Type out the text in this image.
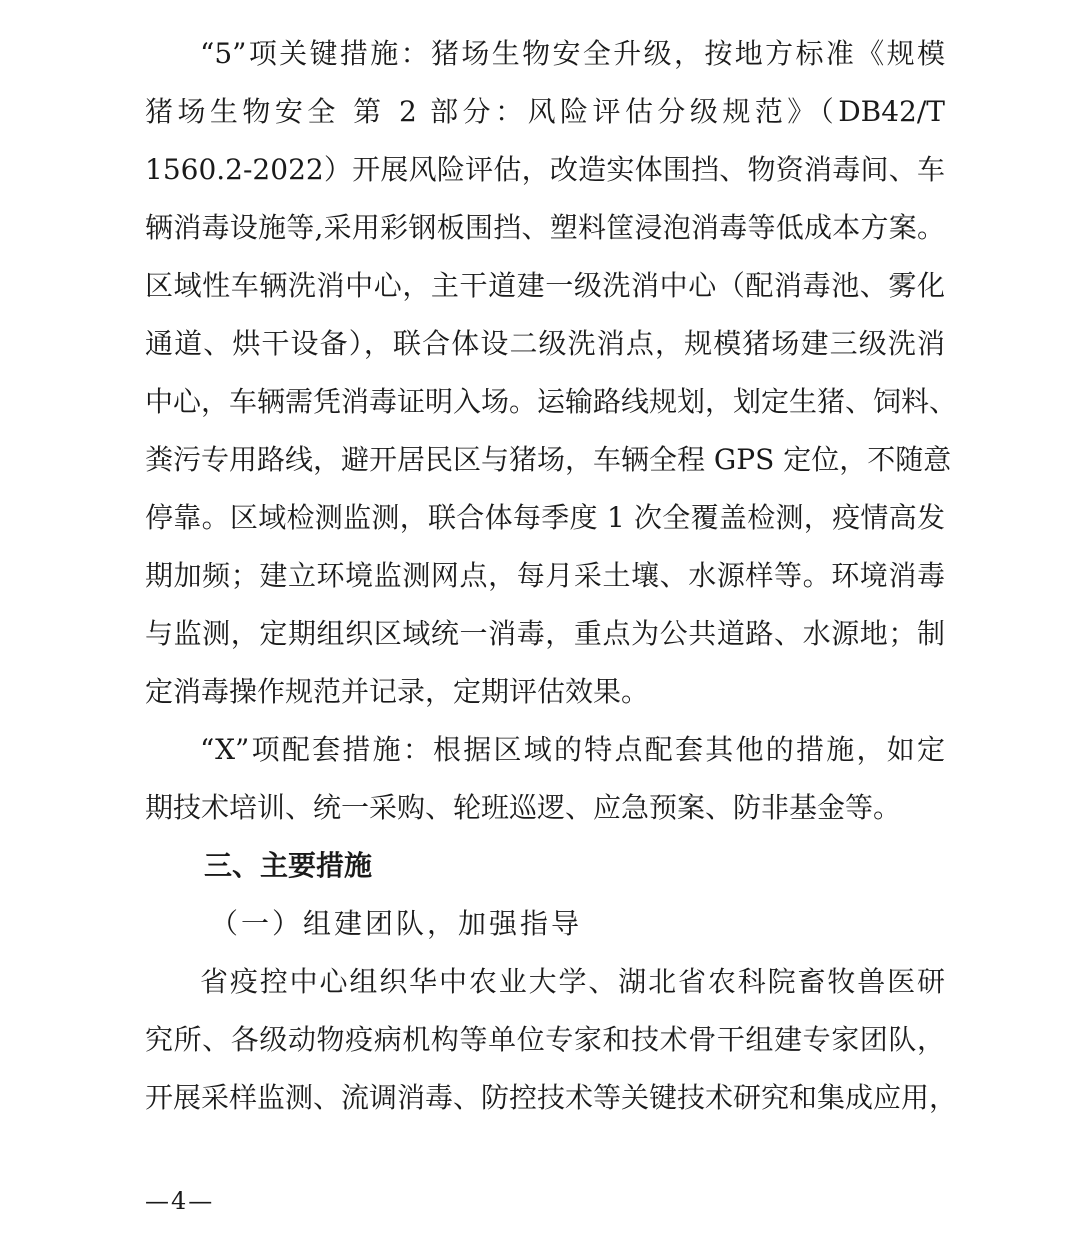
“5”项关键措施：猪场生物安全升级，按地方标准《规模
猪场生物安全 第 2 部分：风险评估分级规范》（DB42/T
1560.2-2022）开展风险评估，改造实体围挡、物资消毒间、车
辆消毒设施等,采用彩钢板围挡、塑料筐浸泡消毒等低成本方案。
区域性车辆洗消中心，主干道建一级洗消中心（配消毒池、雾化
通道、烘干设备），联合体设二级洗消点，规模猪场建三级洗消
中心，车辆需凭消毒证明入场。运输路线规划，划定生猪、饲料、
粪污专用路线，避开居民区与猪场，车辆全程 GPS 定位，不随意
停靠。区域检测监测，联合体每季度 1 次全覆盖检测，疫情高发
期加频；建立环境监测网点，每月采土壤、水源样等。环境消毒
与监测，定期组织区域统一消毒，重点为公共道路、水源地；制
定消毒操作规范并记录，定期评估效果。
“X”项配套措施：根据区域的特点配套其他的措施，如定
期技术培训、统一采购、轮班巡逻、应急预案、防非基金等。
三、主要措施
（一）组建团队，加强指导
省疫控中心组织华中农业大学、湖北省农科院畜牧兽医研
究所、各级动物疫病机构等单位专家和技术骨干组建专家团队，
开展采样监测、流调消毒、防控技术等关键技术研究和集成应用，
—4—
